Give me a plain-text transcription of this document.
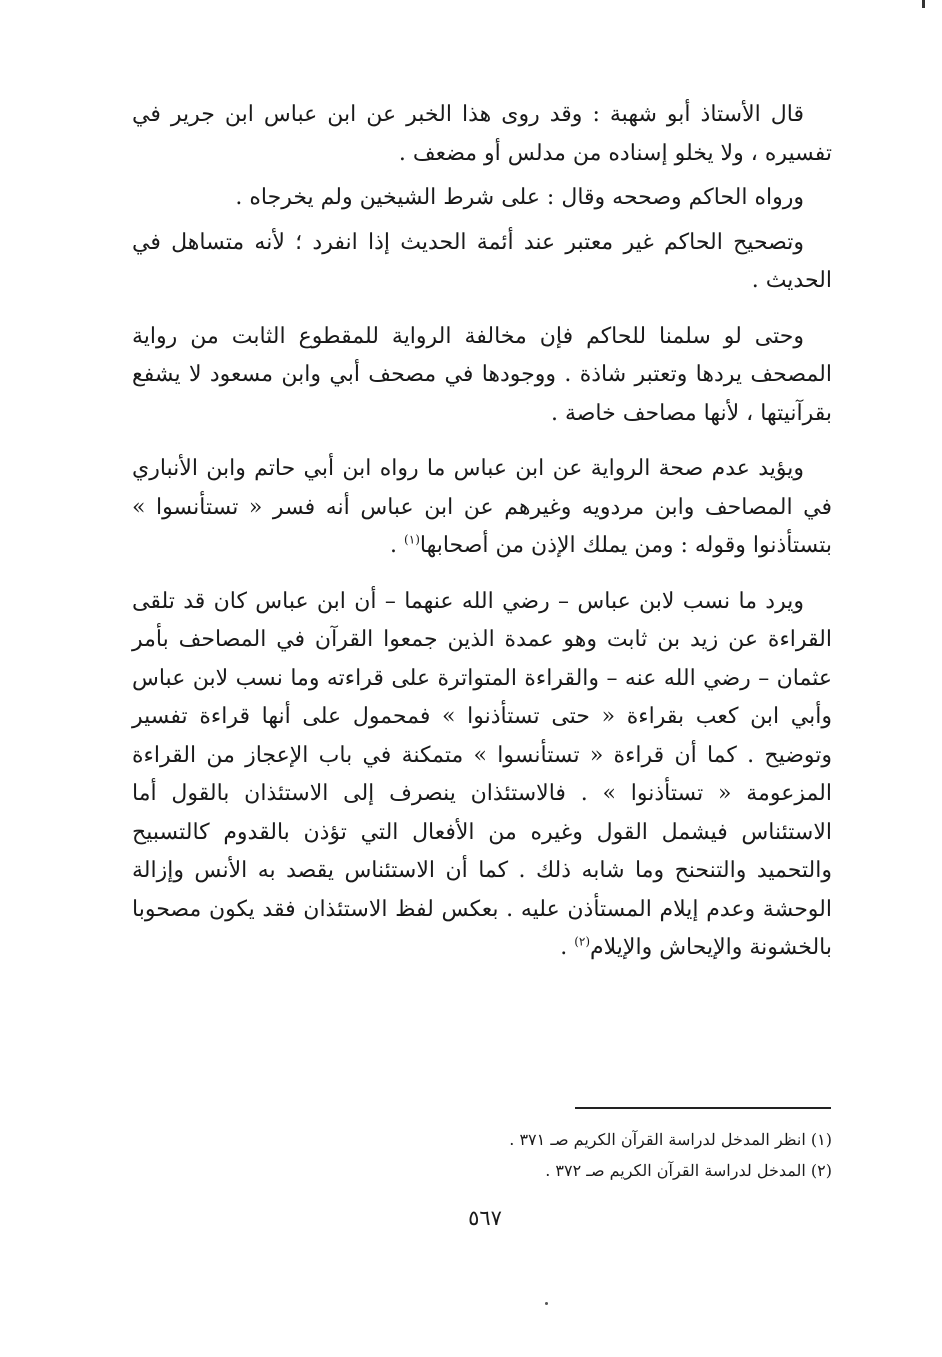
قال الأستاذ أبو شهبة : وقد روى هذا الخبر عن ابن عباس ابن جرير في تفسيره ، ولا يخلو إسناده من مدلس أو مضعف .

ورواه الحاكم وصححه وقال : على شرط الشيخين ولم يخرجاه .

وتصحيح الحاكم غير معتبر عند أئمة الحديث إذا انفرد ؛ لأنه متساهل في الحديث .

وحتى لو سلمنا للحاكم فإن مخالفة الرواية للمقطوع الثابت من رواية المصحف يردها وتعتبر شاذة . ووجودها في مصحف أبي وابن مسعود لا يشفع بقرآنيتها ، لأنها مصاحف خاصة .

ويؤيد عدم صحة الرواية عن ابن عباس ما رواه ابن أبي حاتم وابن الأنباري في المصاحف وابن مردويه وغيرهم عن ابن عباس أنه فسر « تستأنسوا » بتستأذنوا وقوله : ومن يملك الإذن من أصحابها$^{(١)}$ .

ويرد ما نسب لابن عباس – رضي الله عنهما – أن ابن عباس كان قد تلقى القراءة عن زيد بن ثابت وهو عمدة الذين جمعوا القرآن في المصاحف بأمر عثمان – رضي الله عنه – والقراءة المتواترة على قراءته وما نسب لابن عباس وأبي ابن كعب بقراءة « حتى تستأذنوا » فمحمول على أنها قراءة تفسير وتوضيح . كما أن قراءة « تستأنسوا » متمكنة في باب الإعجاز من القراءة المزعومة « تستأذنوا » . فالاستئذان ينصرف إلى الاستئذان بالقول أما الاستئناس فيشمل القول وغيره من الأفعال التي تؤذن بالقدوم كالتسبيح والتحميد والتنحنح وما شابه ذلك . كما أن الاستئناس يقصد به الأنس وإزالة الوحشة وعدم إيلام المستأذن عليه . بعكس لفظ الاستئذان فقد يكون مصحوبا بالخشونة والإيحاش والإيلام$^{(٢)}$ .

(١) انظر المدخل لدراسة القرآن الكريم صـ ٣٧١ .
(٢) المدخل لدراسة القرآن الكريم صـ ٣٧٢ .
٥٦٧
